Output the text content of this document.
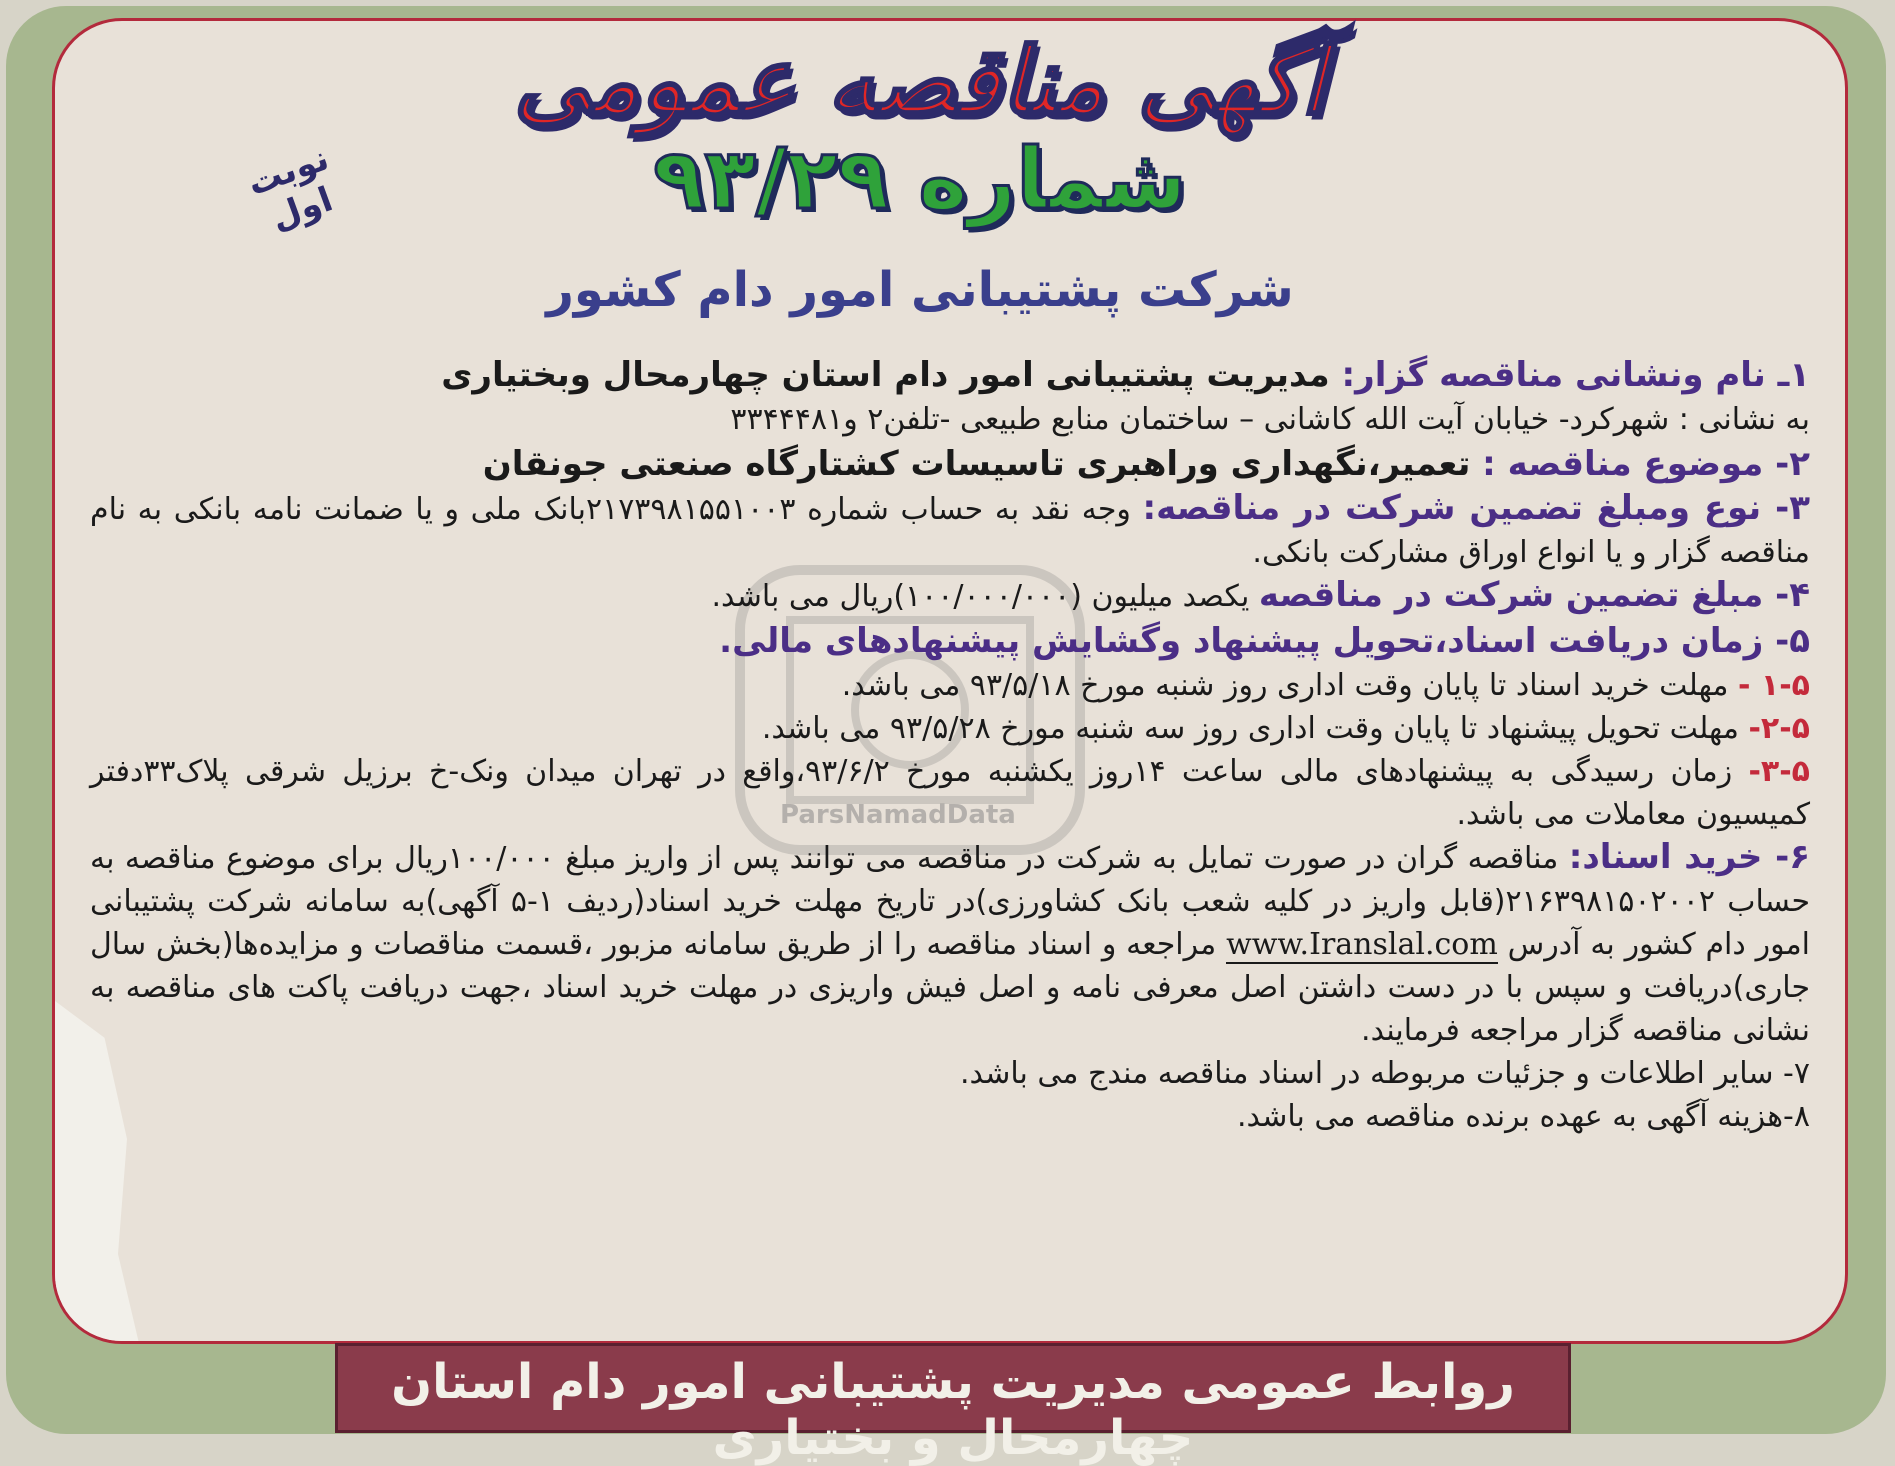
آگهی مناقصه عمومی
نوبت اول	شماره ۹۳/۲۹
شرکت پشتیبانی امور دام کشور
ParsNamadData
۱ـ نام ونشانی مناقصه گزار: مدیریت پشتیبانی امور دام استان چهارمحال وبختیاری
به نشانی : شهرکرد- خیابان آیت الله کاشانی – ساختمان منابع طبیعی -تلفن۲ و۳۳۴۴۴۸۱
۲- موضوع مناقصه : تعمیر،نگهداری وراهبری تاسیسات کشتارگاه صنعتی جونقان
۳- نوع ومبلغ تضمین شرکت در مناقصه: وجه نقد به حساب شماره ۲۱۷۳۹۸۱۵۵۱۰۰۳بانک ملی و یا ضمانت نامه بانکی به نام مناقصه گزار و یا انواع اوراق مشارکت بانکی.
۴- مبلغ تضمین شرکت در مناقصه یکصد میلیون (۱۰۰/۰۰۰/۰۰۰)ریال می باشد.
۵- زمان دریافت اسناد،تحویل پیشنهاد وگشایش پیشنهادهای مالی.
۱-۵ - مهلت خرید اسناد تا پایان وقت اداری روز شنبه مورخ ۹۳/۵/۱۸ می باشد.
۲-۵- مهلت تحویل پیشنهاد تا پایان وقت اداری روز سه شنبه مورخ ۹۳/۵/۲۸ می باشد.
۳-۵- زمان رسیدگی به پیشنهادهای مالی ساعت ۱۴روز یکشنبه مورخ ۹۳/۶/۲،واقع در تهران میدان ونک-خ برزیل شرقی پلاک۳۳دفتر کمیسیون معاملات می باشد.
۶- خرید اسناد: مناقصه گران در صورت تمایل به شرکت در مناقصه می توانند پس از واریز مبلغ ۱۰۰/۰۰۰ریال برای موضوع مناقصه به حساب ۲۱۶۳۹۸۱۵۰۲۰۰۲(قابل واریز در کلیه شعب بانک کشاورزی)در تاریخ مهلت خرید اسناد(ردیف ۱-۵ آگهی)به سامانه شرکت پشتیبانی امور دام کشور به آدرس www.Iranslal.com مراجعه و اسناد مناقصه را از طریق سامانه مزبور ،قسمت مناقصات و مزایده‌ها(بخش سال جاری)دریافت و سپس با در دست داشتن اصل معرفی نامه و اصل فیش واریزی در مهلت خرید اسناد ،جهت دریافت پاکت های مناقصه به نشانی مناقصه گزار مراجعه فرمایند.
۷- سایر اطلاعات و جزئیات مربوطه در اسناد مناقصه مندج می باشد.
۸-هزینه آگهی به عهده برنده مناقصه می باشد.
روابط عمومی مدیریت پشتیبانی امور دام استان چهارمحال و بختیاری
